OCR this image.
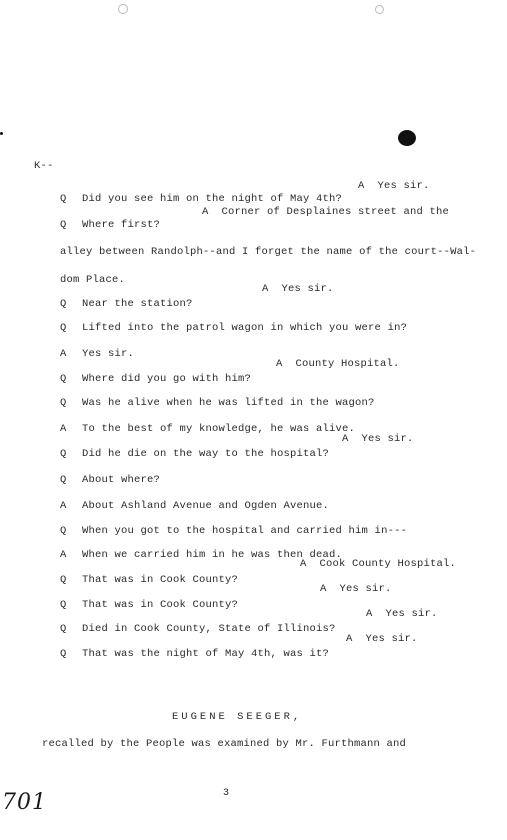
K--

Q Did you see him on the night of May 4th?

A  Yes sir.

Q Where first?

A  Corner of Desplaines street and the

alley between Randolph--and I forget the name of the court--Wal-

dom Place.

Q Near the station?

A  Yes sir.

Q Lifted into the patrol wagon in which you were in?

A Yes sir.

Q Where did you go with him?

A  County Hospital.

Q Was he alive when he was lifted in the wagon?

A To the best of my knowledge, he was alive.

Q Did he die on the way to the hospital?

A  Yes sir.

Q About where?

A About Ashland Avenue and Ogden Avenue.

Q When you got to the hospital and carried him in---

A When we carried him in he was then dead.

Q That was in Cook County?

A  Cook County Hospital.

Q That was in Cook County?

A  Yes sir.

Q Died in Cook County, State of Illinois?

A  Yes sir.

Q That was the night of May 4th, was it?

A  Yes sir.
EUGENE SEEGER,
recalled by the People was examined by Mr. Furthmann and
3
701
